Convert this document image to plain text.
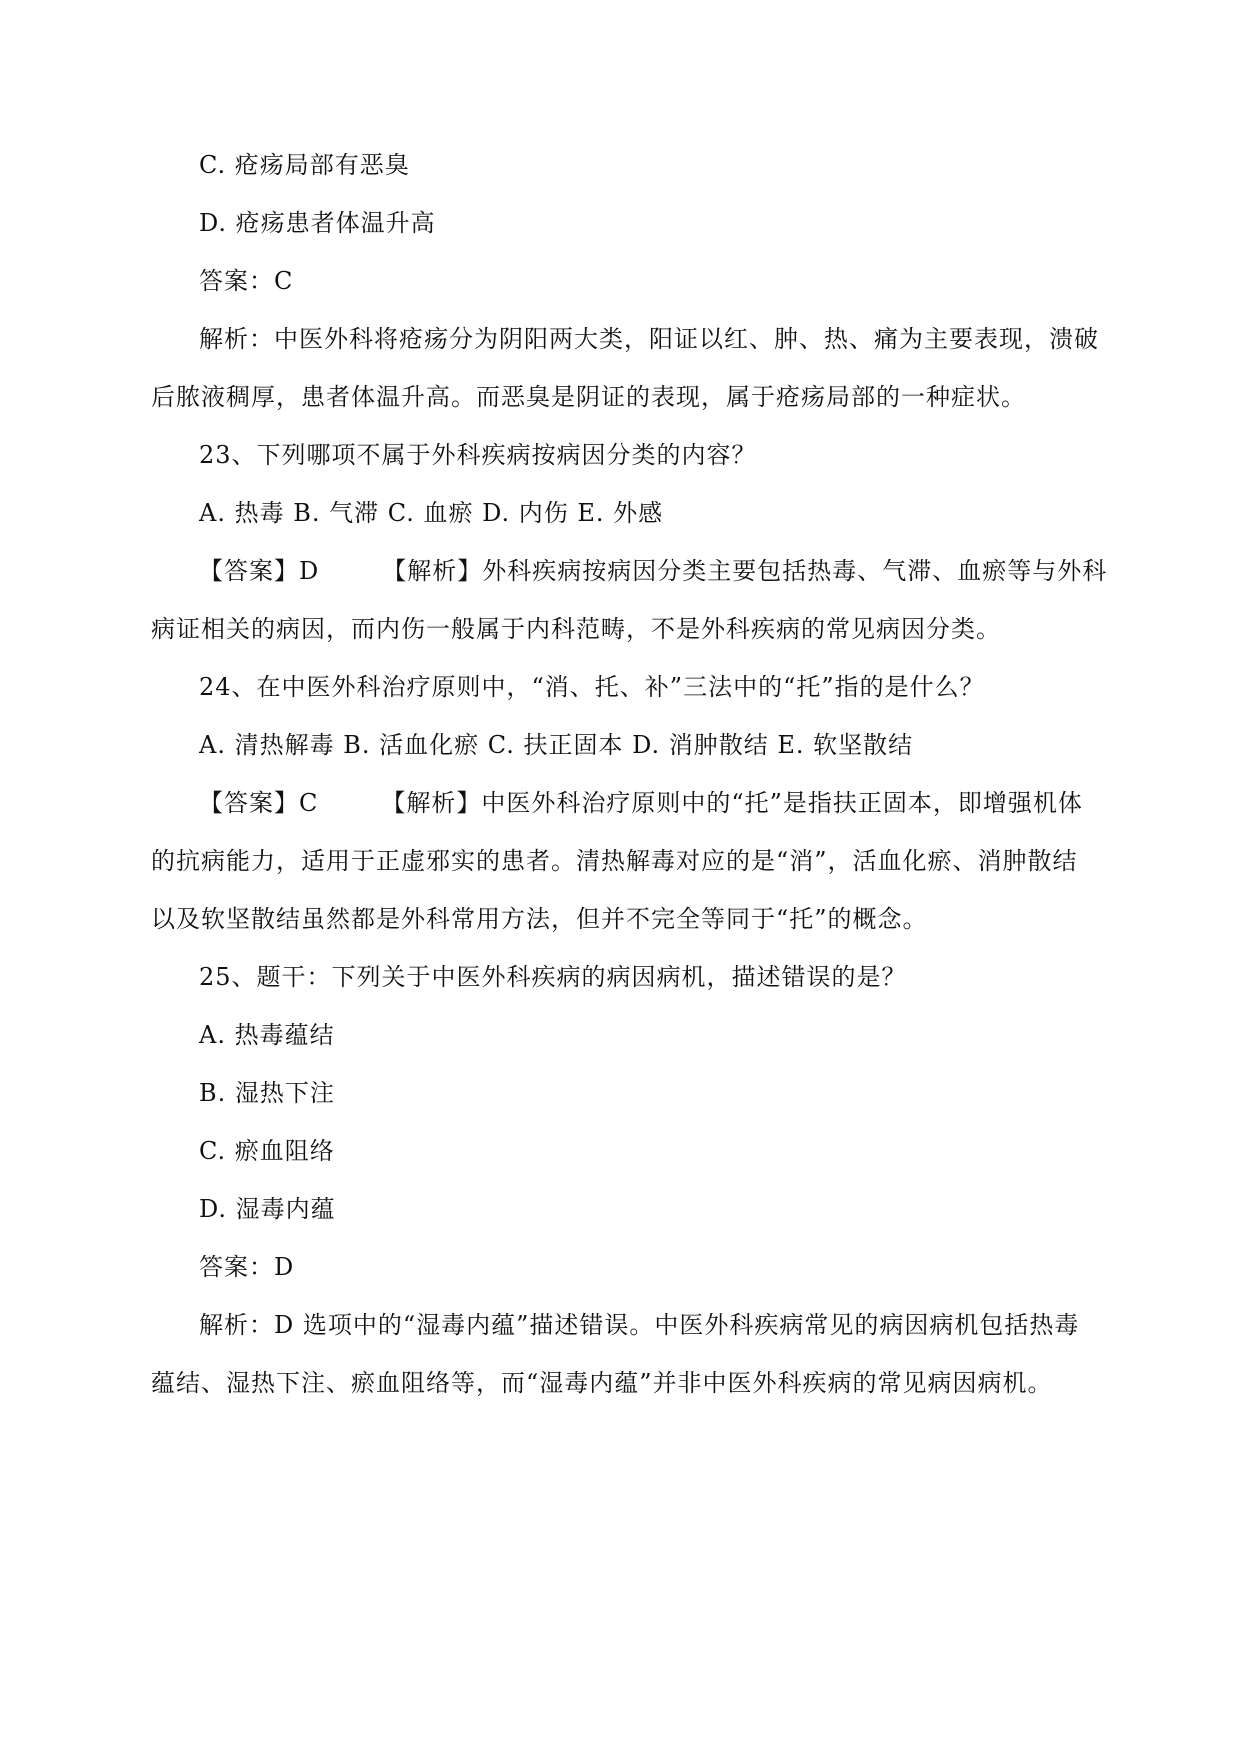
C. 疮疡局部有恶臭
D. 疮疡患者体温升高
答案：C
解析：中医外科将疮疡分为阴阳两大类，阳证以红、肿、热、痛为主要表现，溃破
后脓液稠厚，患者体温升高。而恶臭是阴证的表现，属于疮疡局部的一种症状。
23、下列哪项不属于外科疾病按病因分类的内容？
A. 热毒 B. 气滞 C. 血瘀 D. 内伤 E. 外感
【答案】D　　　【解析】外科疾病按病因分类主要包括热毒、气滞、血瘀等与外科
病证相关的病因，而内伤一般属于内科范畴，不是外科疾病的常见病因分类。
24、在中医外科治疗原则中，“消、托、补”三法中的“托”指的是什么？
A. 清热解毒 B. 活血化瘀 C. 扶正固本 D. 消肿散结 E. 软坚散结
【答案】C　　　【解析】中医外科治疗原则中的“托”是指扶正固本，即增强机体
的抗病能力，适用于正虚邪实的患者。清热解毒对应的是“消”，活血化瘀、消肿散结
以及软坚散结虽然都是外科常用方法，但并不完全等同于“托”的概念。
25、题干：下列关于中医外科疾病的病因病机，描述错误的是？
A. 热毒蕴结
B. 湿热下注
C. 瘀血阻络
D. 湿毒内蕴
答案：D
解析：D 选项中的“湿毒内蕴”描述错误。中医外科疾病常见的病因病机包括热毒
蕴结、湿热下注、瘀血阻络等，而“湿毒内蕴”并非中医外科疾病的常见病因病机。
